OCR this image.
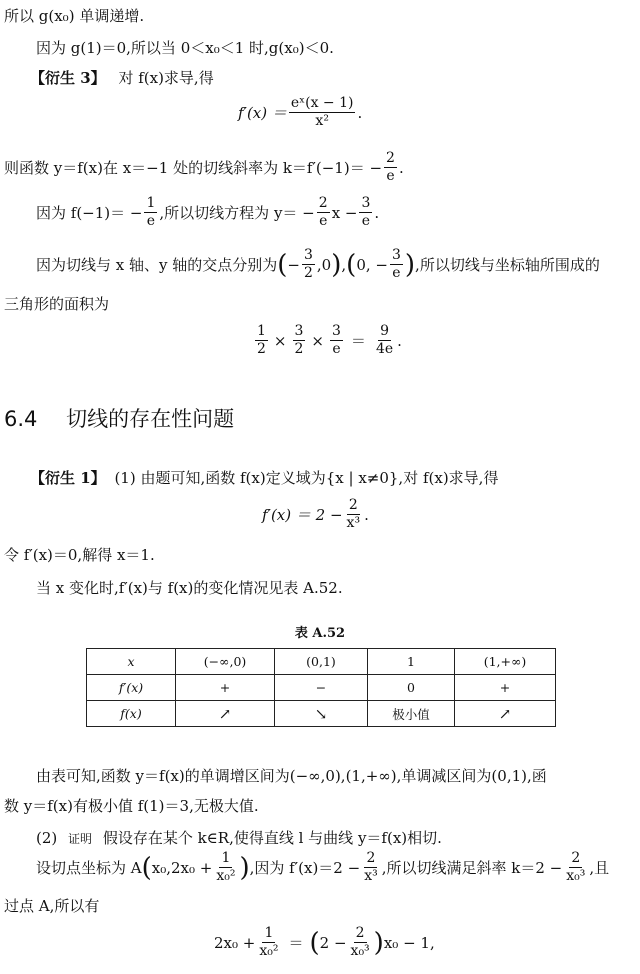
所以 g(x₀) 单调递增.
因为 g(1)＝0,所以当 0＜x₀＜1 时,g(x₀)＜0.
【衍生 3】 对 f(x)求导,得
$f'(x) = \frac{\text{eˣ(x − 1)}}{\text{x²}}$ .
则函数 y＝f(x)在 x＝−1 处的切线斜率为 $k=f'(-1)= - \frac{2}{e}$ .
因为 $f(-1)= - \frac{1}{e}$ ,所以切线方程为 $y= - \frac{2}{e}$ $x - \frac{3}{e}$ .
因为切线与 x 轴、y 轴的交点分别为 ( − $\frac{3}{2} ,0$ ) , ( 0, − $\frac{3}{e}$ ) ,所以切线与坐标轴所围成的
三角形的面积为
$\frac{1}{2} \times \frac{3}{2} \times \frac{3}{e} = \frac{9}{4e}$ .
6.4 切线的存在性问题
【衍生 1】 (1) 由题可知,函数 f(x)定义域为{x | x≠0},对 f(x)求导,得
$f'(x) = 2 - \frac{2}{\text{x³}}$ .
令 f′(x)＝0,解得 x＝1.
当 x 变化时,f′(x)与 f(x)的变化情况见表 A.52.
表 A.52
x	(−∞,0)	(0,1)	1	(1,+∞)
f′(x)	+	−	0	+
f(x)	↗	↘	极小值	↗
由表可知,函数 y＝f(x)的单调增区间为(−∞,0),(1,+∞),单调减区间为(0,1),函
数 y＝f(x)有极小值 f(1)＝3,无极大值.
(2) 证明 假设存在某个 k∈R,使得直线 l 与曲线 y＝f(x)相切.
设切点坐标为 A ( $x_0,2x_0 + \frac{1}{\text{x₀²}}$ ) ,因为 $f'(x)=2 - \frac{2}{\text{x³}}$ ,所以切线满足斜率 $k=2 - \frac{2}{\text{x₀³}}$ ,且
过点 A,所以有
$2x_0 + \frac{1}{\text{x₀²}}$ ＝ ( $2 - \frac{2}{\text{x₀³}}$ ) x₀ − 1,
